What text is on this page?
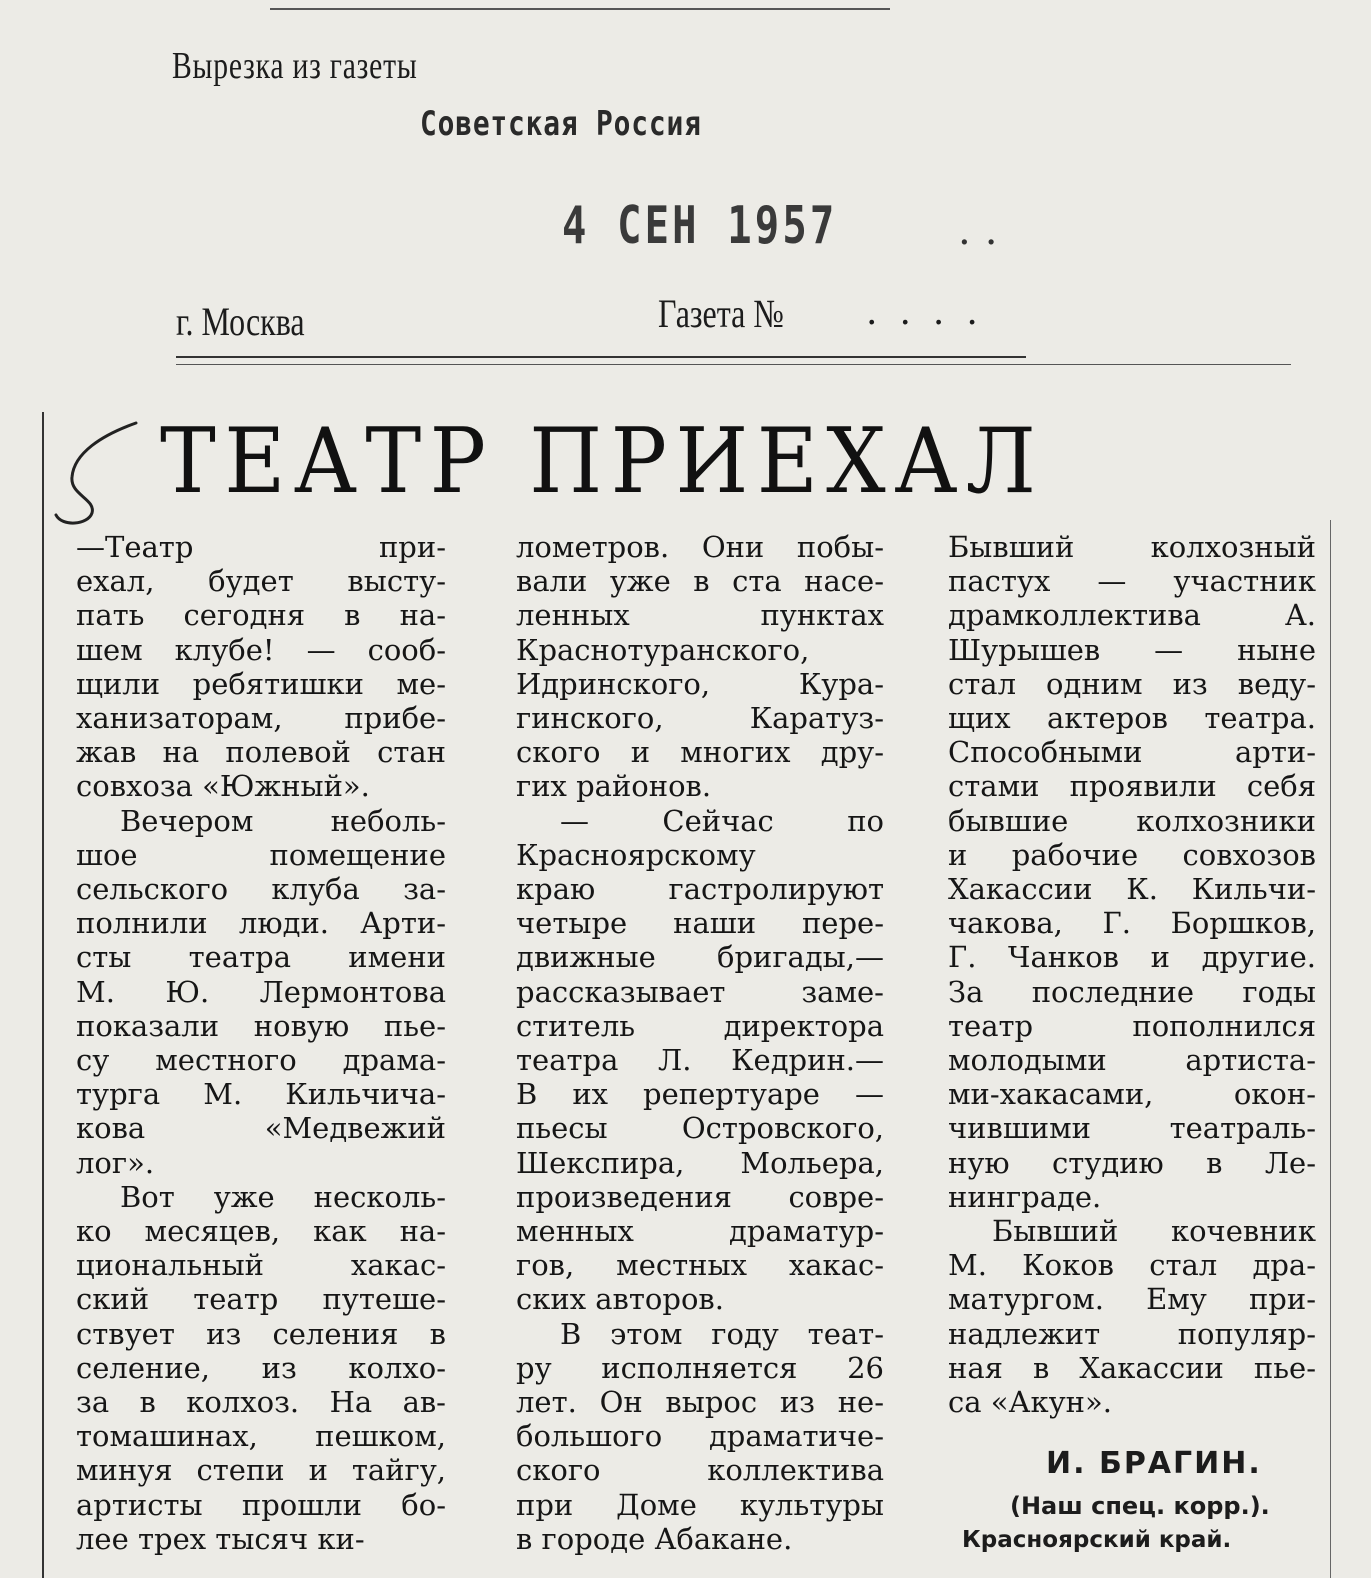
Вырезка из газеты
Советская Россия
4 СЕН 1957	..
г. Москва	Газета № ....
ТЕАТР ПРИЕХАЛ
—Театр при-
ехал, будет высту-
пать сегодня в на-
шем клубе! — сооб-
щили ребятишки ме-
ханизаторам, прибе-
жав на полевой стан
совхоза «Южный».
Вечером неболь-
шое помещение
сельского клуба за-
полнили люди. Арти-
сты театра имени
М. Ю. Лермонтова
показали новую пье-
су местного драма-
турга М. Кильчича-
кова «Медвежий
лог».
Вот уже несколь-
ко месяцев, как на-
циональный хакас-
ский театр путеше-
ствует из селения в
селение, из колхо-
за в колхоз. На ав-
томашинах, пешком,
минуя степи и тайгу,
артисты прошли бо-
лее трех тысяч ки-
лометров. Они побы-
вали уже в ста насе-
ленных пунктах
Краснотуранского,
Идринского, Кура-
гинского, Каратуз-
ского и многих дру-
гих районов.
— Сейчас по
Красноярскому
краю гастролируют
четыре наши пере-
движные бригады,—
рассказывает заме-
ститель директора
театра Л. Кедрин.—
В их репертуаре —
пьесы Островского,
Шекспира, Мольера,
произведения совре-
менных драматур-
гов, местных хакас-
ских авторов.
В этом году теат-
ру исполняется 26
лет. Он вырос из не-
большого драматиче-
ского коллектива
при Доме культуры
в городе Абакане.
Бывший колхозный
пастух — участник
драмколлектива А.
Шурышев — ныне
стал одним из веду-
щих актеров театра.
Способными арти-
стами проявили себя
бывшие колхозники
и рабочие совхозов
Хакассии К. Кильчи-
чакова, Г. Боршков,
Г. Чанков и другие.
За последние годы
театр пополнился
молодыми артиста-
ми-хакасами, окон-
чившими театраль-
ную студию в Ле-
нинграде.
Бывший кочевник
М. Коков стал дра-
матургом. Ему при-
надлежит популяр-
ная в Хакассии пье-
са «Акун».
И. БРАГИН.
(Наш спец. корр.).
Красноярский край.
